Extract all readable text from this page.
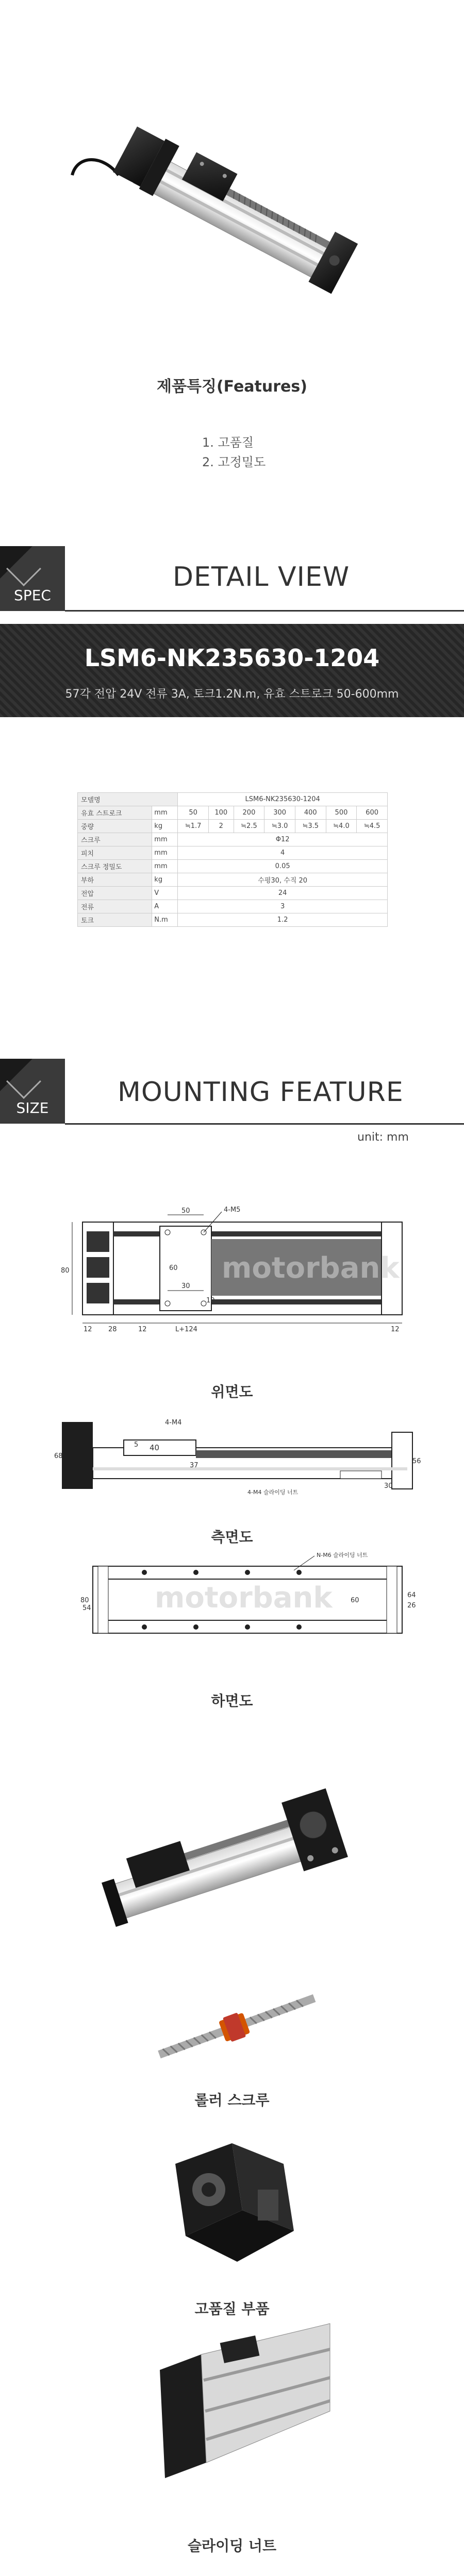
제품특징(Features)
1. 고품질
2. 고정밀도
SPEC
DETAIL VIEW
LSM6-NK235630-1204
57각 전압 24V 전류 3A, 토크1.2N.m, 유효 스트로크 50-600mm
모델명		LSM6-NK235630-1204						
유효 스트로크	mm	50	100	200	300	400	500	600
중량	kg	≒1.7	2	≒2.5	≒3.0	≒3.5	≒4.0	≒4.5
스크루	mm	Φ12						
피치	mm	4						
스크루 정밀도	mm	0.05						
부하	kg	수평30, 수직 20						
전압	V	24						
전류	A	3						
토크	N.m	1.2						
SIZE
MOUNTING FEATURE
unit: mm
50	4-M5
80
30
60
10
12 28	12	L+124	12
motorbank
위면도
4-M4
5 40
68
56
30
37
4-M4 슬라이딩 너트
측면도
N-M6 슬라이딩 너트
60
80
64
54	26
motorbank
하면도
롤러 스크루
고품질 부품
슬라이딩 너트
